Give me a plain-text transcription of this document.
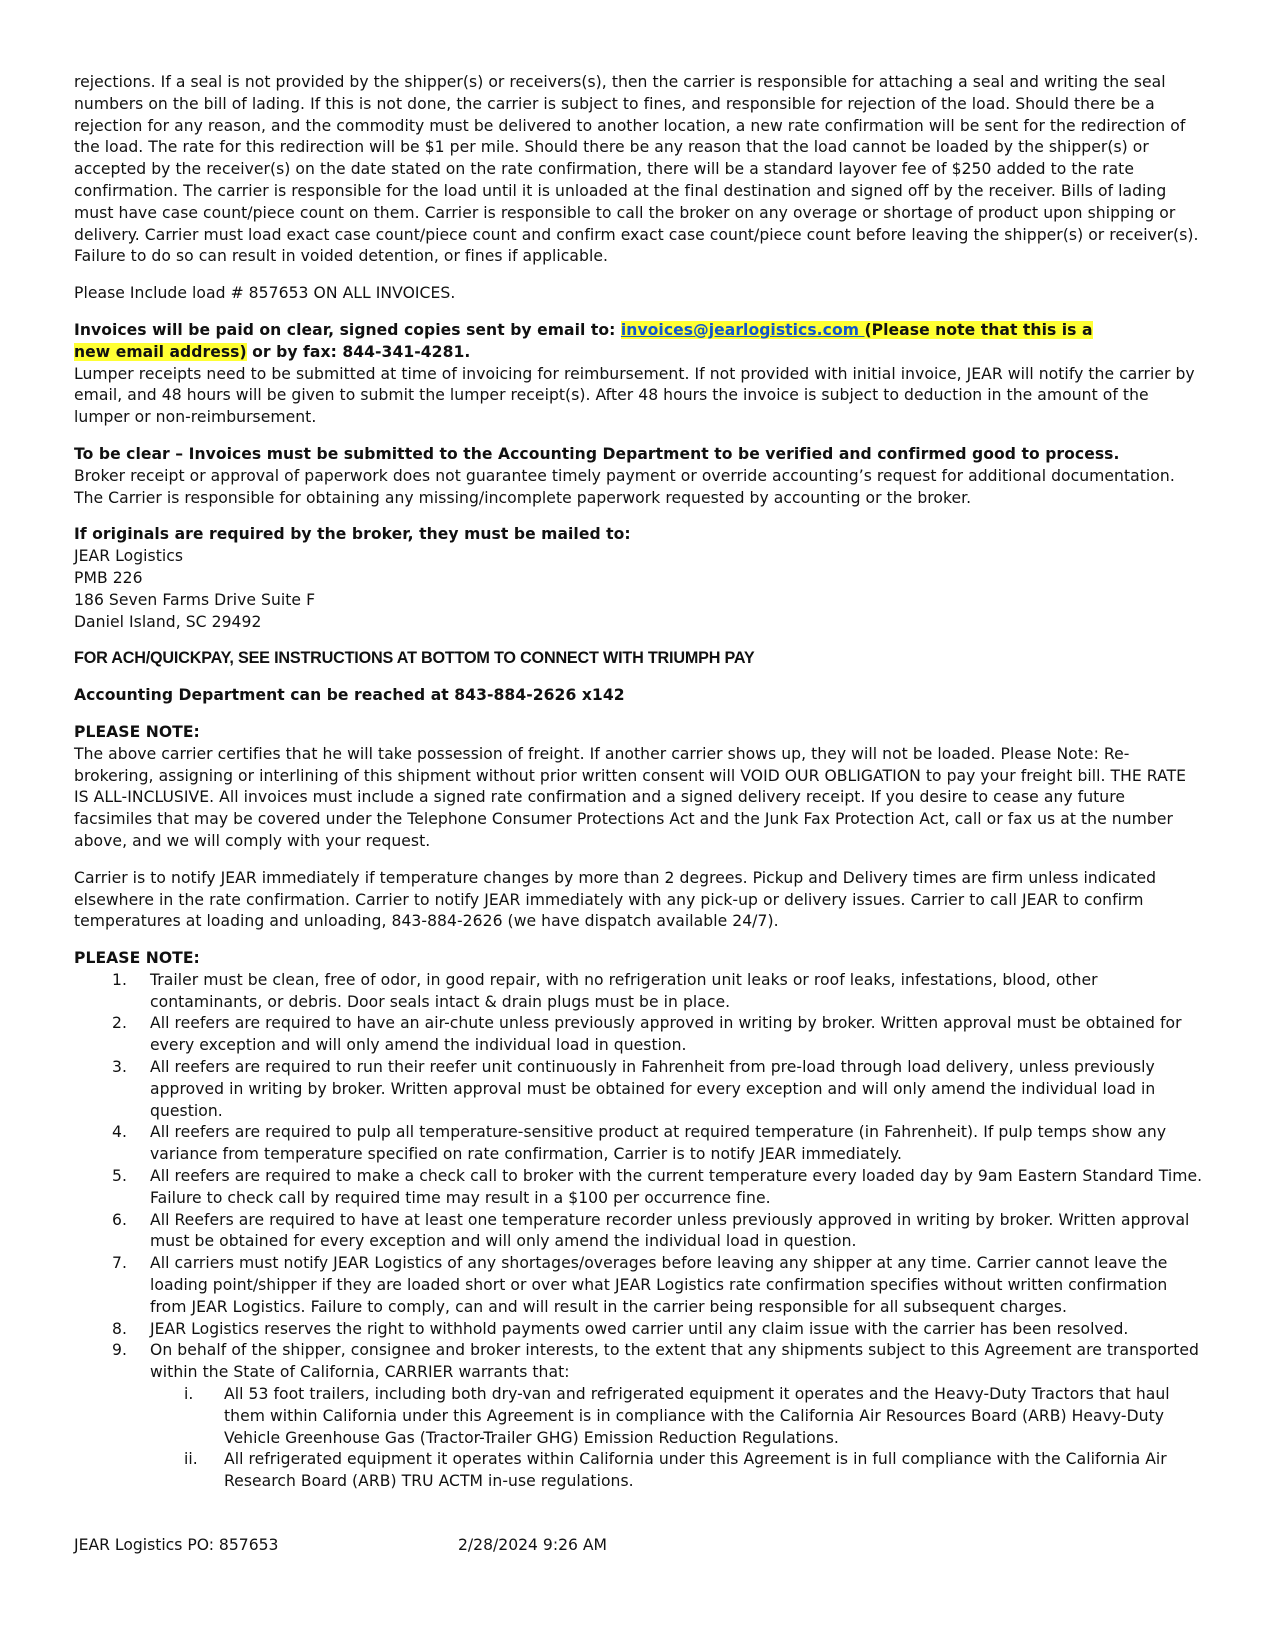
rejections. If a seal is not provided by the shipper(s) or receivers(s), then the carrier is responsible for attaching a seal and writing the seal numbers on the bill of lading. If this is not done, the carrier is subject to fines, and responsible for rejection of the load. Should there be a rejection for any reason, and the commodity must be delivered to another location, a new rate confirmation will be sent for the redirection of the load. The rate for this redirection will be $1 per mile. Should there be any reason that the load cannot be loaded by the shipper(s) or accepted by the receiver(s) on the date stated on the rate confirmation, there will be a standard layover fee of $250 added to the rate confirmation. The carrier is responsible for the load until it is unloaded at the final destination and signed off by the receiver. Bills of lading must have case count/piece count on them. Carrier is responsible to call the broker on any overage or shortage of product upon shipping or delivery. Carrier must load exact case count/piece count and confirm exact case count/piece count before leaving the shipper(s) or receiver(s). Failure to do so can result in voided detention, or fines if applicable.

Please Include load # 857653 ON ALL INVOICES.

Invoices will be paid on clear, signed copies sent by email to: invoices@jearlogistics.com (Please note that this is a
new email address) or by fax: 844-341-4281.

Lumper receipts need to be submitted at time of invoicing for reimbursement. If not provided with initial invoice, JEAR will notify the carrier by email, and 48 hours will be given to submit the lumper receipt(s). After 48 hours the invoice is subject to deduction in the amount of the lumper or non-reimbursement.

To be clear – Invoices must be submitted to the Accounting Department to be verified and confirmed good to process.

Broker receipt or approval of paperwork does not guarantee timely payment or override accounting’s request for additional documentation. The Carrier is responsible for obtaining any missing/incomplete paperwork requested by accounting or the broker.

If originals are required by the broker, they must be mailed to:

JEAR Logistics

PMB 226

186 Seven Farms Drive Suite F

Daniel Island, SC 29492

FOR ACH/QUICKPAY, SEE INSTRUCTIONS AT BOTTOM TO CONNECT WITH TRIUMPH PAY

Accounting Department can be reached at 843-884-2626 x142

PLEASE NOTE:

The above carrier certifies that he will take possession of freight. If another carrier shows up, they will not be loaded. Please Note: Re-brokering, assigning or interlining of this shipment without prior written consent will VOID OUR OBLIGATION to pay your freight bill. THE RATE IS ALL-INCLUSIVE. All invoices must include a signed rate confirmation and a signed delivery receipt. If you desire to cease any future facsimiles that may be covered under the Telephone Consumer Protections Act and the Junk Fax Protection Act, call or fax us at the number above, and we will comply with your request.

Carrier is to notify JEAR immediately if temperature changes by more than 2 degrees. Pickup and Delivery times are firm unless indicated elsewhere in the rate confirmation. Carrier to notify JEAR immediately with any pick-up or delivery issues. Carrier to call JEAR to confirm temperatures at loading and unloading, 843-884-2626 (we have dispatch available 24/7).

PLEASE NOTE:

1. Trailer must be clean, free of odor, in good repair, with no refrigeration unit leaks or roof leaks, infestations, blood, other contaminants, or debris. Door seals intact & drain plugs must be in place.
2. All reefers are required to have an air-chute unless previously approved in writing by broker. Written approval must be obtained for every exception and will only amend the individual load in question.
3. All reefers are required to run their reefer unit continuously in Fahrenheit from pre-load through load delivery, unless previously approved in writing by broker. Written approval must be obtained for every exception and will only amend the individual load in question.
4. All reefers are required to pulp all temperature-sensitive product at required temperature (in Fahrenheit). If pulp temps show any variance from temperature specified on rate confirmation, Carrier is to notify JEAR immediately.
5. All reefers are required to make a check call to broker with the current temperature every loaded day by 9am Eastern Standard Time. Failure to check call by required time may result in a $100 per occurrence fine.
6. All Reefers are required to have at least one temperature recorder unless previously approved in writing by broker. Written approval must be obtained for every exception and will only amend the individual load in question.
7. All carriers must notify JEAR Logistics of any shortages/overages before leaving any shipper at any time. Carrier cannot leave the loading point/shipper if they are loaded short or over what JEAR Logistics rate confirmation specifies without written confirmation from JEAR Logistics. Failure to comply, can and will result in the carrier being responsible for all subsequent charges.
8. JEAR Logistics reserves the right to withhold payments owed carrier until any claim issue with the carrier has been resolved.
9. On behalf of the shipper, consignee and broker interests, to the extent that any shipments subject to this Agreement are transported within the State of California, CARRIER warrants that:
i. All 53 foot trailers, including both dry-van and refrigerated equipment it operates and the Heavy-Duty Tractors that haul them within California under this Agreement is in compliance with the California Air Resources Board (ARB) Heavy-Duty Vehicle Greenhouse Gas (Tractor-Trailer GHG) Emission Reduction Regulations.
ii. All refrigerated equipment it operates within California under this Agreement is in full compliance with the California Air Research Board (ARB) TRU ACTM in-use regulations.
JEAR Logistics PO: 857653	2/28/2024 9:26 AM
